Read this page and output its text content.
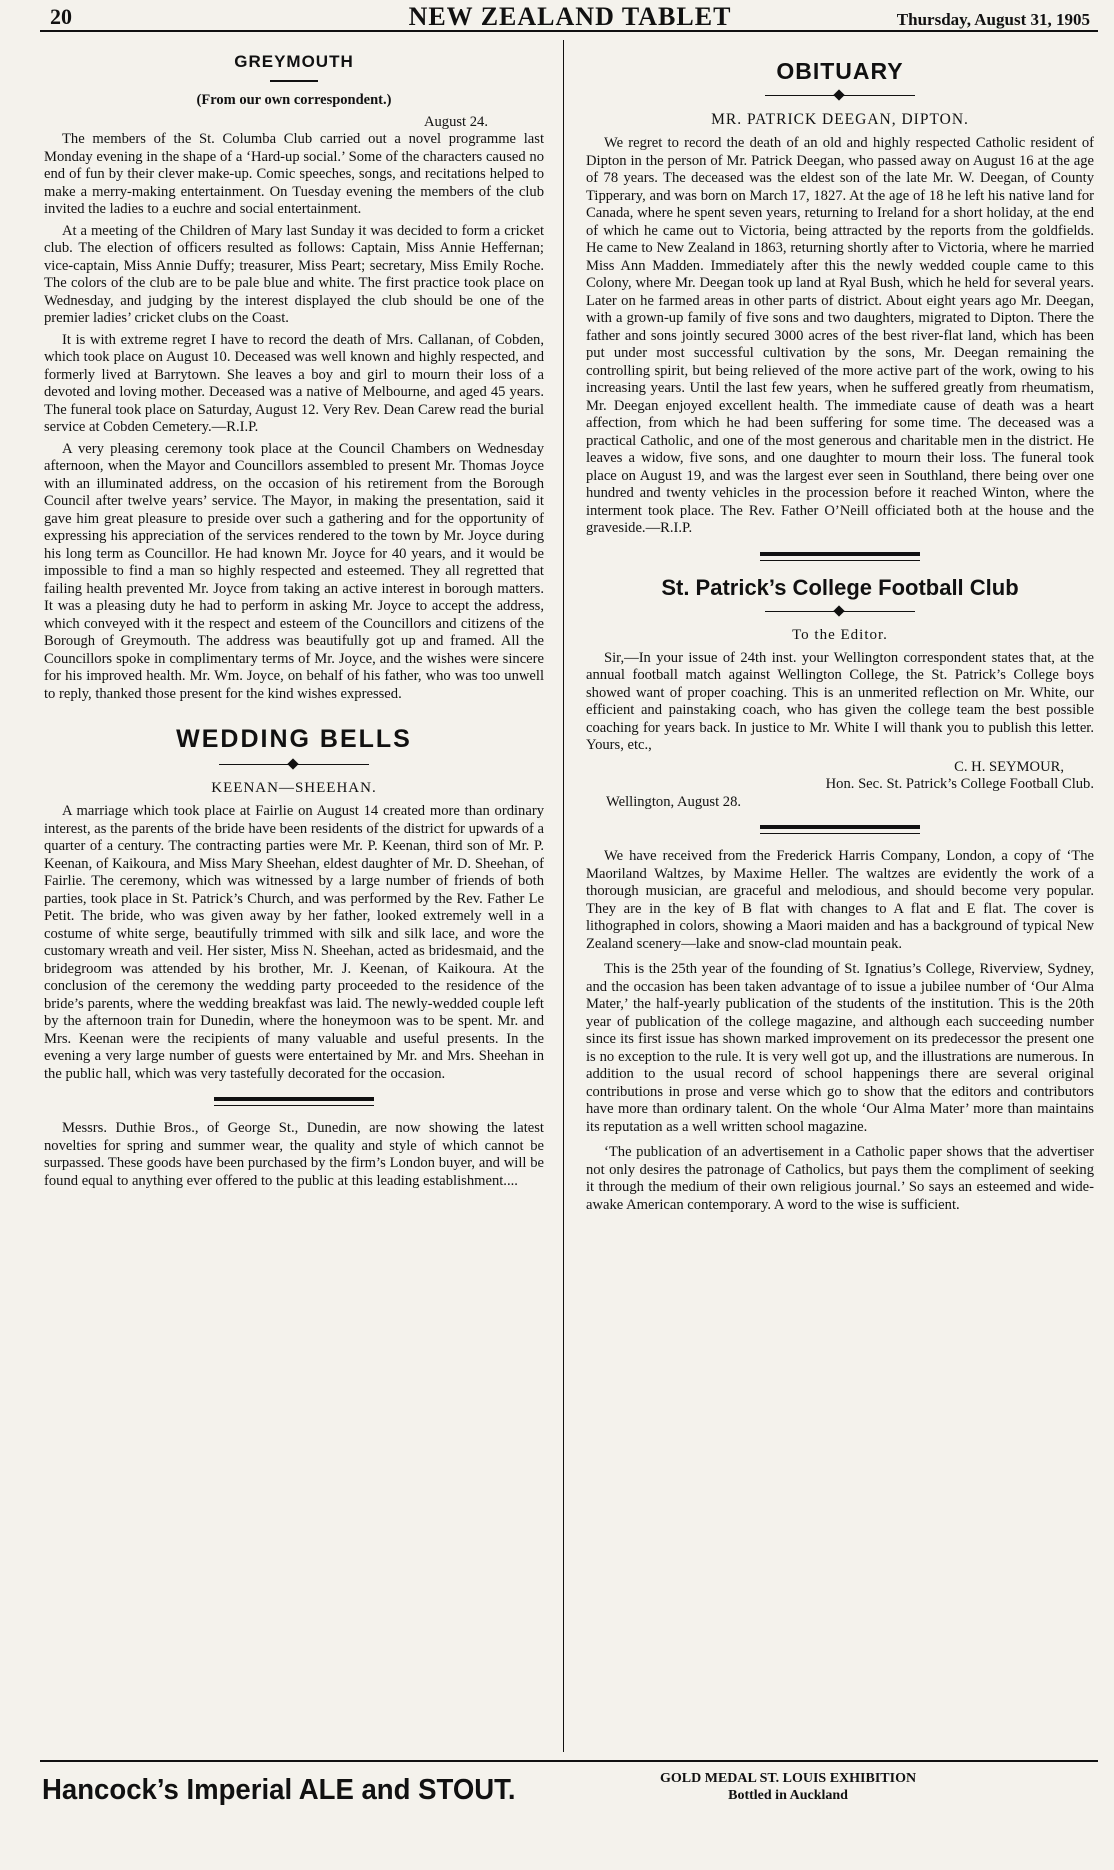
20	NEW ZEALAND TABLET	Thursday, August 31, 1905
GREYMOUTH

(From our own correspondent.)

August 24.

The members of the St. Columba Club carried out a novel programme last Monday evening in the shape of a ‘Hard-up social.’ Some of the characters caused no end of fun by their clever make-up. Comic speeches, songs, and recitations helped to make a merry-making entertainment. On Tuesday evening the members of the club invited the ladies to a euchre and social entertainment.

At a meeting of the Children of Mary last Sunday it was decided to form a cricket club. The election of officers resulted as follows: Captain, Miss Annie Heffernan; vice-captain, Miss Annie Duffy; treasurer, Miss Peart; secretary, Miss Emily Roche. The colors of the club are to be pale blue and white. The first practice took place on Wednesday, and judging by the interest displayed the club should be one of the premier ladies’ cricket clubs on the Coast.

It is with extreme regret I have to record the death of Mrs. Callanan, of Cobden, which took place on August 10. Deceased was well known and highly respected, and formerly lived at Barrytown. She leaves a boy and girl to mourn their loss of a devoted and loving mother. Deceased was a native of Melbourne, and aged 45 years. The funeral took place on Saturday, August 12. Very Rev. Dean Carew read the burial service at Cobden Cemetery.—R.I.P.

A very pleasing ceremony took place at the Council Chambers on Wednesday afternoon, when the Mayor and Councillors assembled to present Mr. Thomas Joyce with an illuminated address, on the occasion of his retirement from the Borough Council after twelve years’ service. The Mayor, in making the presentation, said it gave him great pleasure to preside over such a gathering and for the opportunity of expressing his appreciation of the services rendered to the town by Mr. Joyce during his long term as Councillor. He had known Mr. Joyce for 40 years, and it would be impossible to find a man so highly respected and esteemed. They all regretted that failing health prevented Mr. Joyce from taking an active interest in borough matters. It was a pleasing duty he had to perform in asking Mr. Joyce to accept the address, which conveyed with it the respect and esteem of the Councillors and citizens of the Borough of Greymouth. The address was beautifully got up and framed. All the Councillors spoke in complimentary terms of Mr. Joyce, and the wishes were sincere for his improved health. Mr. Wm. Joyce, on behalf of his father, who was too unwell to reply, thanked those present for the kind wishes expressed.

WEDDING BELLS
KEENAN—SHEEHAN.

A marriage which took place at Fairlie on August 14 created more than ordinary interest, as the parents of the bride have been residents of the district for upwards of a quarter of a century. The contracting parties were Mr. P. Keenan, third son of Mr. P. Keenan, of Kaikoura, and Miss Mary Sheehan, eldest daughter of Mr. D. Sheehan, of Fairlie. The ceremony, which was witnessed by a large number of friends of both parties, took place in St. Patrick’s Church, and was performed by the Rev. Father Le Petit. The bride, who was given away by her father, looked extremely well in a costume of white serge, beautifully trimmed with silk and silk lace, and wore the customary wreath and veil. Her sister, Miss N. Sheehan, acted as bridesmaid, and the bridegroom was attended by his brother, Mr. J. Keenan, of Kaikoura. At the conclusion of the ceremony the wedding party proceeded to the residence of the bride’s parents, where the wedding breakfast was laid. The newly-wedded couple left by the afternoon train for Dunedin, where the honeymoon was to be spent. Mr. and Mrs. Keenan were the recipients of many valuable and useful presents. In the evening a very large number of guests were entertained by Mr. and Mrs. Sheehan in the public hall, which was very tastefully decorated for the occasion.

Messrs. Duthie Bros., of George St., Dunedin, are now showing the latest novelties for spring and summer wear, the quality and style of which cannot be surpassed. These goods have been purchased by the firm’s London buyer, and will be found equal to anything ever offered to the public at this leading establishment....

OBITUARY
MR. PATRICK DEEGAN, DIPTON.

We regret to record the death of an old and highly respected Catholic resident of Dipton in the person of Mr. Patrick Deegan, who passed away on August 16 at the age of 78 years. The deceased was the eldest son of the late Mr. W. Deegan, of County Tipperary, and was born on March 17, 1827. At the age of 18 he left his native land for Canada, where he spent seven years, returning to Ireland for a short holiday, at the end of which he came out to Victoria, being attracted by the reports from the goldfields. He came to New Zealand in 1863, returning shortly after to Victoria, where he married Miss Ann Madden. Immediately after this the newly wedded couple came to this Colony, where Mr. Deegan took up land at Ryal Bush, which he held for several years. Later on he farmed areas in other parts of district. About eight years ago Mr. Deegan, with a grown-up family of five sons and two daughters, migrated to Dipton. There the father and sons jointly secured 3000 acres of the best river-flat land, which has been put under most successful cultivation by the sons, Mr. Deegan remaining the controlling spirit, but being relieved of the more active part of the work, owing to his increasing years. Until the last few years, when he suffered greatly from rheumatism, Mr. Deegan enjoyed excellent health. The immediate cause of death was a heart affection, from which he had been suffering for some time. The deceased was a practical Catholic, and one of the most generous and charitable men in the district. He leaves a widow, five sons, and one daughter to mourn their loss. The funeral took place on August 19, and was the largest ever seen in Southland, there being over one hundred and twenty vehicles in the procession before it reached Winton, where the interment took place. The Rev. Father O’Neill officiated both at the house and the graveside.—R.I.P.

St. Patrick’s College Football Club
To the Editor.

Sir,—In your issue of 24th inst. your Wellington correspondent states that, at the annual football match against Wellington College, the St. Patrick’s College boys showed want of proper coaching. This is an unmerited reflection on Mr. White, our efficient and painstaking coach, who has given the college team the best possible coaching for years back. In justice to Mr. White I will thank you to publish this letter. Yours, etc.,

C. H. SEYMOUR,

Hon. Sec. St. Patrick’s College Football Club.

Wellington, August 28.

We have received from the Frederick Harris Company, London, a copy of ‘The Maoriland Waltzes, by Maxime Heller. The waltzes are evidently the work of a thorough musician, are graceful and melodious, and should become very popular. They are in the key of B flat with changes to A flat and E flat. The cover is lithographed in colors, showing a Maori maiden and has a background of typical New Zealand scenery—lake and snow-clad mountain peak.

This is the 25th year of the founding of St. Ignatius’s College, Riverview, Sydney, and the occasion has been taken advantage of to issue a jubilee number of ‘Our Alma Mater,’ the half-yearly publication of the students of the institution. This is the 20th year of publication of the college magazine, and although each succeeding number since its first issue has shown marked improvement on its predecessor the present one is no exception to the rule. It is very well got up, and the illustrations are numerous. In addition to the usual record of school happenings there are several original contributions in prose and verse which go to show that the editors and contributors have more than ordinary talent. On the whole ‘Our Alma Mater’ more than maintains its reputation as a well written school magazine.

‘The publication of an advertisement in a Catholic paper shows that the advertiser not only desires the patronage of Catholics, but pays them the compliment of seeking it through the medium of their own religious journal.’ So says an esteemed and wide-awake American contemporary. A word to the wise is sufficient.

Hancock’s Imperial ALE and STOUT.	GOLD MEDAL ST. LOUIS EXHIBITION
Bottled in Auckland
